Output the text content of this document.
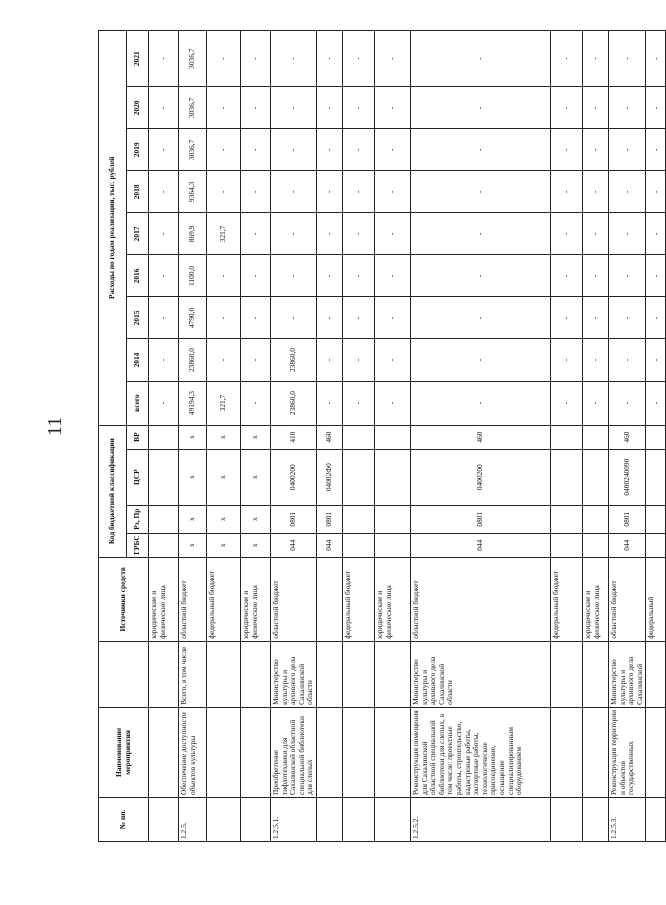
11
№ пп.	Наименование мероприятия		Источники средств	Код бюджетной классификации				Расходы по годам реализации, тыс. рублей								
				ГРБС	Рз, Пр	ЦСР	ВР	всего	2014	2015	2016	2017	2018	2019	2020	2021
			юридические и физические лица					-	-	-	-	-	-	-	-	-
1.2.5.	Обеспечение доступности объектов культуры	Всего, в том числе	областной бюджет	х	х	х	х	49194,3	23860,0	4790,0	1100,0	869,9	9364,3	3036,7	3036,7	3036,7
			федеральный бюджет	х	х	х	х	321,7	-	-	-	321,7	-	-	-	-
			юридические и физические лица	х	х	х	х	-	-	-	-	-	-	-	-	-
1.2.5.1.	Приобретение тифлотехники для Сахалинской областной специальной библиотеки для слепых	Министерство культуры и архивного дела Сахалинской области	областной бюджет	044	0801	0400200	410	23860,0	23860,0	-	-	-	-	-	-	-
				044	0801	04002Ф0	460	-	-	-	-	-	-	-	-	-
			федеральный бюджет					-	-	-	-	-	-	-	-	-
			юридические и физические лица					-	-	-	-	-	-	-	-	-
1.2.5.2.	Реконструкция помещения для Сахалинской областной специальной библиотеки для слепых, в том числе: проектные работы, строительство, кадастровые работы, экспертные работы, технологическое присоединение, оснащение специализированным оборудованием	Министерство культуры и архивного дела Сахалинской области	областной бюджет	044	0801	0400200	460	-	-	-	-	-	-	-	-	-
			федеральный бюджет					-	-	-	-	-	-	-	-	-
			юридические и физические лица					-	-	-	-	-	-	-	-	-
1.2.5.3.	Реконструкция территории и объектов государственных	Министерство культуры и архивного дела Сахалинской	областной бюджет	044	0801	0400240090	460	-	-	-	-	-	-	-	-	-
			федеральный					-	-	-	-	-	-	-	-	-
